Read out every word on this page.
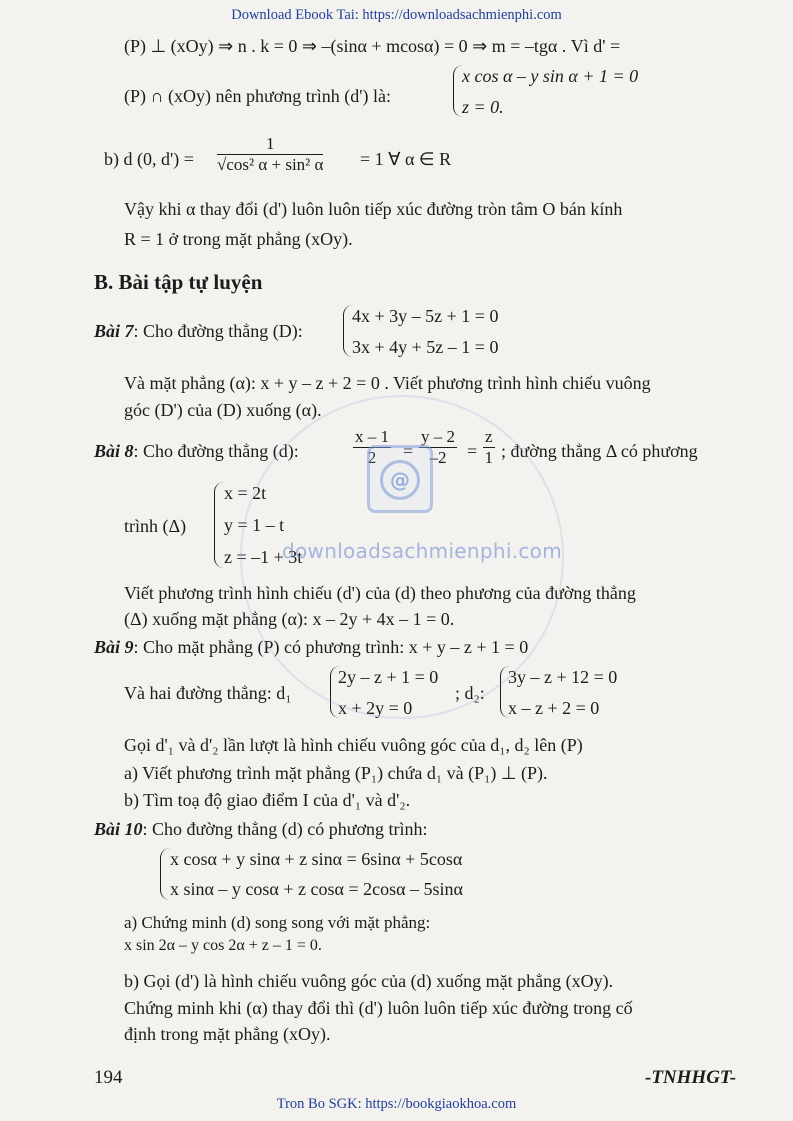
Download Ebook Tai: https://downloadsachmienphi.com
(P) ⊥ (xOy) ⇒ n . k = 0 ⇒ –(sinα + mcosα) = 0 ⇒ m = –tgα . Vì d' =
(P) ∩ (xOy) nên phương trình (d') là:
x cos α – y sin α + 1 = 0
z = 0.
b) d (0, d') =
1
√cos² α + sin² α = 1 ∀ α ∈ R
Vậy khi α thay đổi (d') luôn luôn tiếp xúc đường tròn tâm O bán kính
R = 1 ở trong mặt phẳng (xOy).
B. Bài tập tự luyện
Bài 7: Cho đường thẳng (D):
4x + 3y – 5z + 1 = 0
3x + 4y + 5z – 1 = 0
Và mặt phẳng (α): x + y – z + 2 = 0 . Viết phương trình hình chiếu vuông
góc (D') của (D) xuống (α).
Bài 8: Cho đường thẳng (d):
x – 1
2 =
y – 2
–2 =
z
1 ; đường thẳng Δ có phương
trình (Δ)
x = 2t
y = 1 – t
z = –1 + 3t
Viết phương trình hình chiếu (d') của (d) theo phương của đường thẳng
(Δ) xuống mặt phẳng (α): x – 2y + 4x – 1 = 0.
Bài 9: Cho mặt phẳng (P) có phương trình: x + y – z + 1 = 0
Và hai đường thẳng: d₁
2y – z + 1 = 0
x + 2y = 0
; d₂:
3y – z + 12 = 0
x – z + 2 = 0
Gọi d'₁ và d'₂ lần lượt là hình chiếu vuông góc của d₁, d₂ lên (P)
a) Viết phương trình mặt phẳng (P₁) chứa d₁ và (P₁) ⊥ (P).
b) Tìm toạ độ giao điểm I của d'₁ và d'₂.
Bài 10: Cho đường thẳng (d) có phương trình:
x cosα + y sinα + z sinα = 6sinα + 5cosα
x sinα – y cosα + z cosα = 2cosα – 5sinα
a) Chứng minh (d) song song với mặt phẳng:
x sin 2α – y cos 2α + z – 1 = 0.
b) Gọi (d') là hình chiếu vuông góc của (d) xuống mặt phẳng (xOy).
Chứng minh khi (α) thay đổi thì (d') luôn luôn tiếp xúc đường trong cố
định trong mặt phẳng (xOy).
@
downloadsachmienphi.com
194	-TNHHGT-
Tron Bo SGK: https://bookgiaokhoa.com
